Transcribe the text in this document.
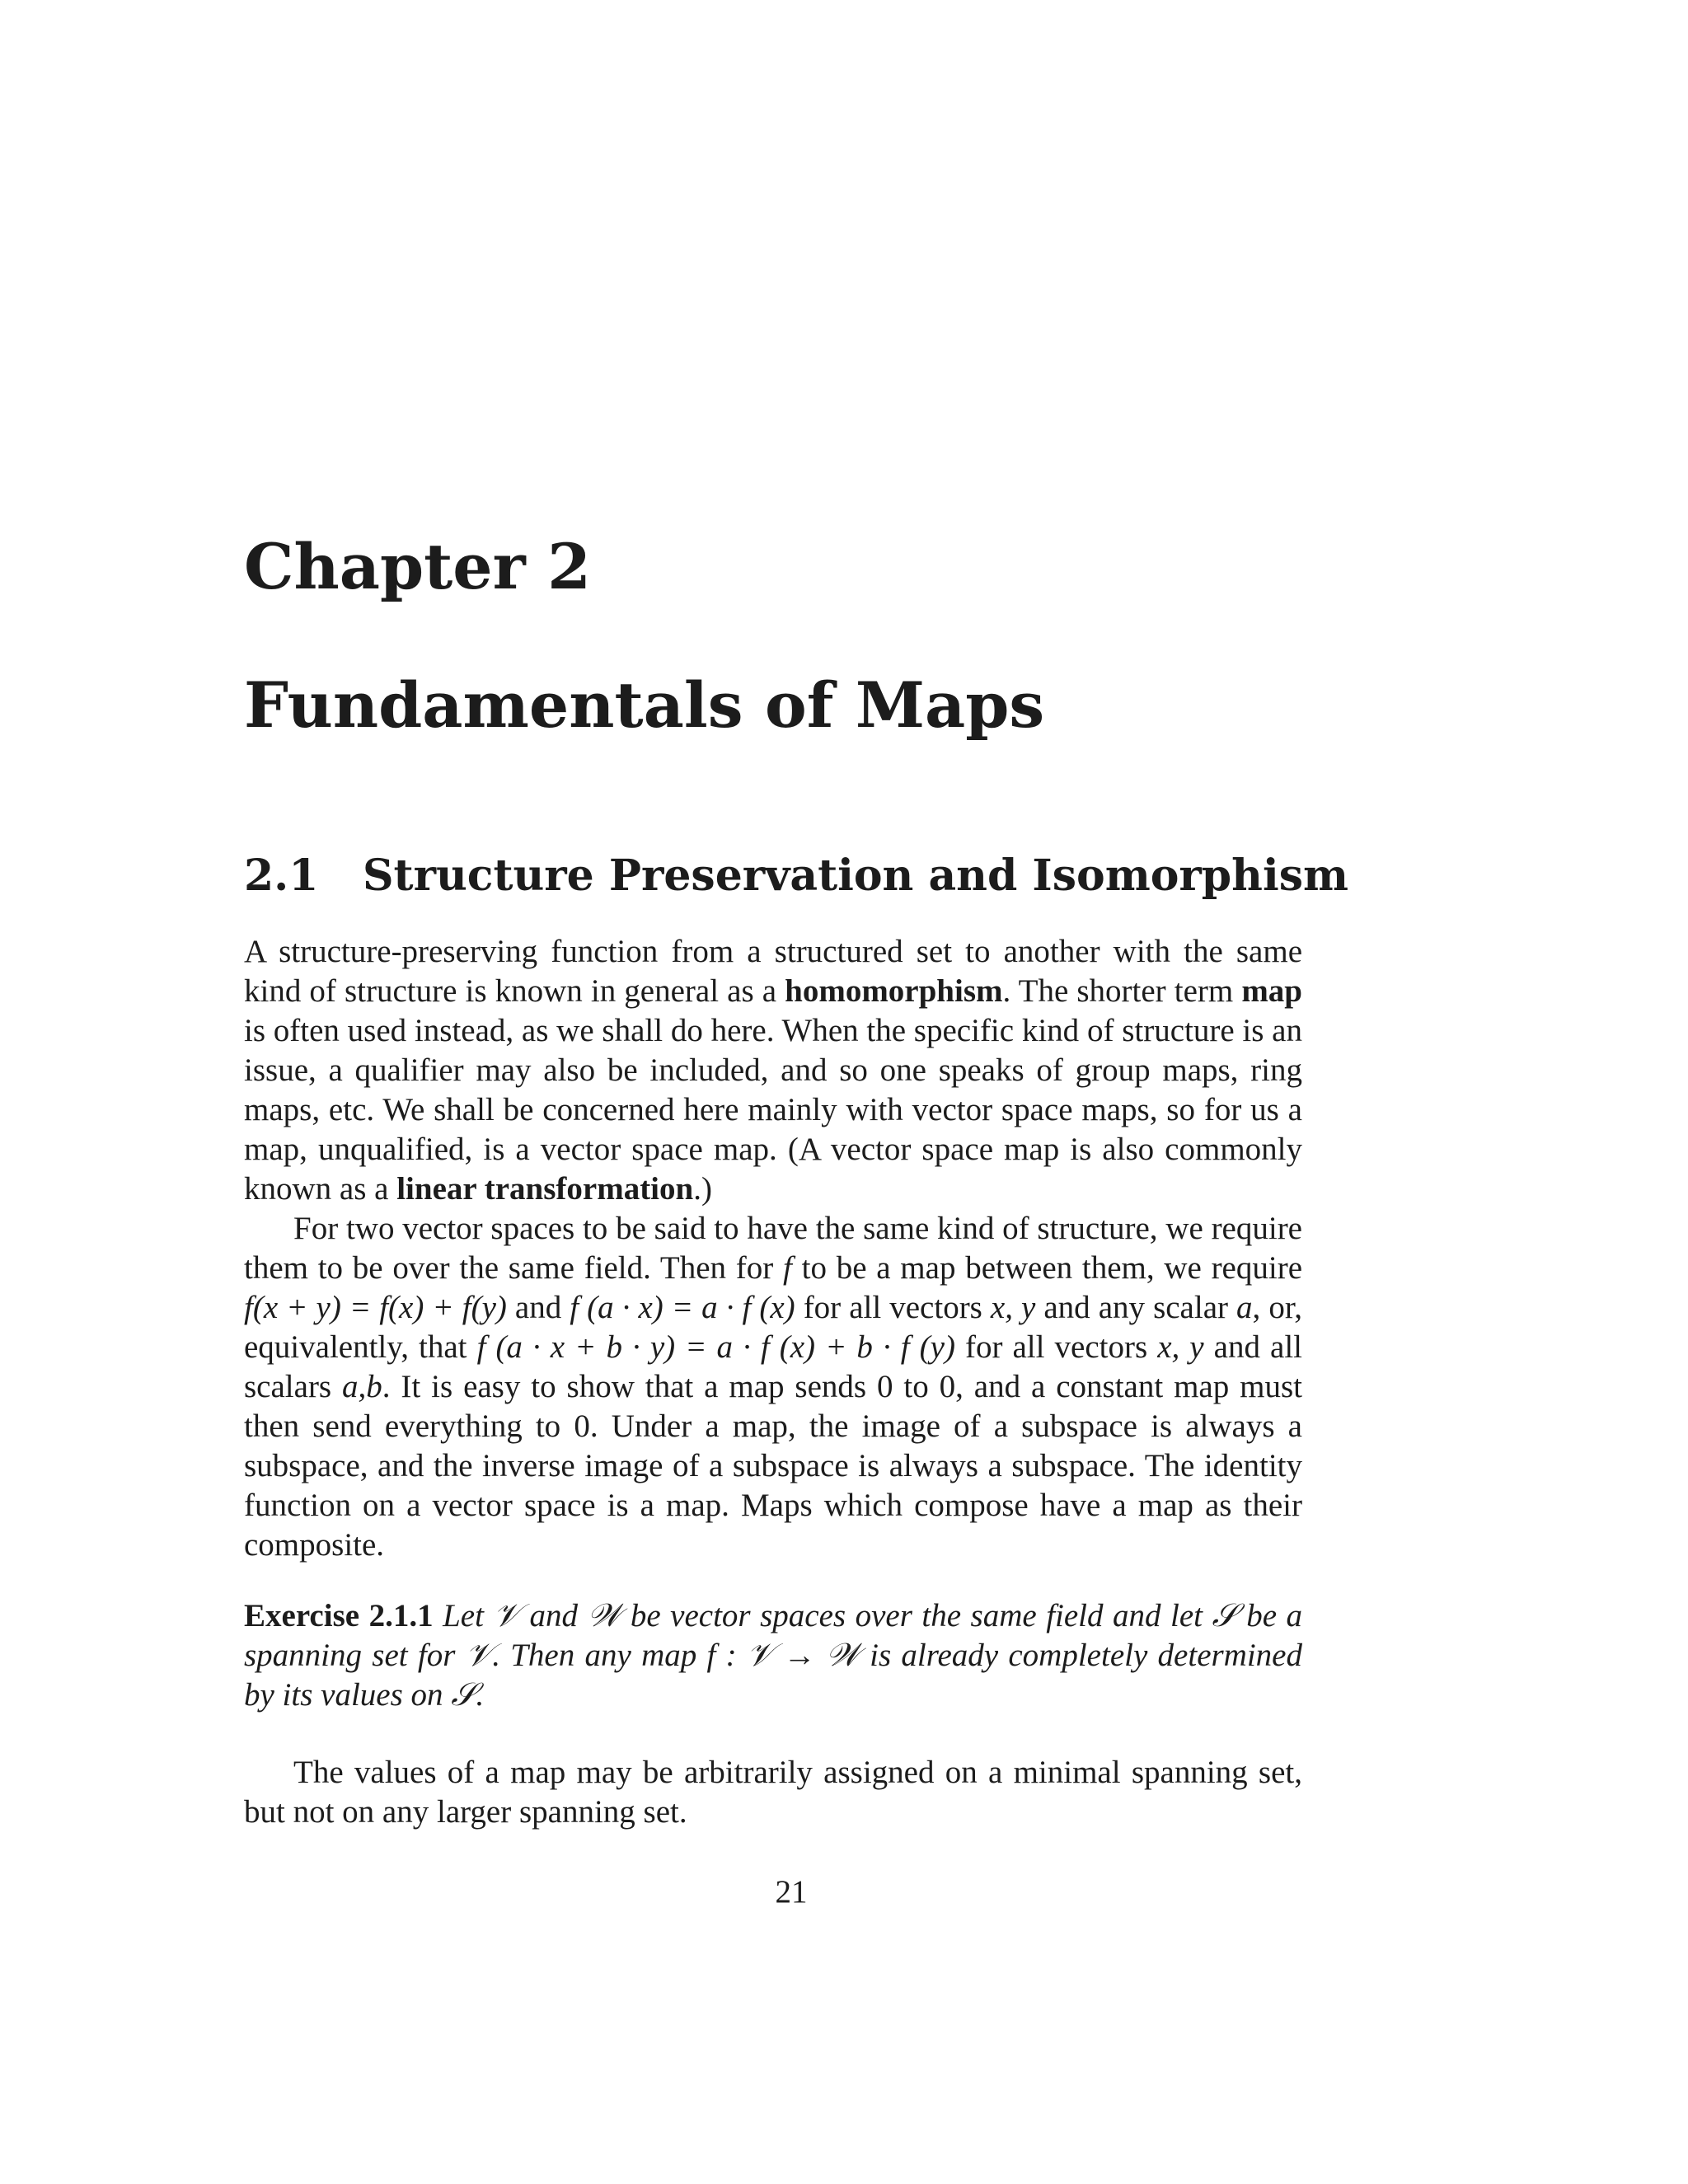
Chapter 2
Fundamentals of Maps
2.1 Structure Preservation and Isomorphism

A structure-preserving function from a structured set to another with the same kind of structure is known in general as a homomorphism. The shorter term map is often used instead, as we shall do here. When the specific kind of structure is an issue, a qualifier may also be included, and so one speaks of group maps, ring maps, etc. We shall be concerned here mainly with vector space maps, so for us a map, unqualified, is a vector space map. (A vector space map is also commonly known as a linear transformation.)

For two vector spaces to be said to have the same kind of structure, we require them to be over the same field. Then for f to be a map between them, we require f(x + y) = f(x) + f(y) and f (a · x) = a · f (x) for all vectors x, y and any scalar a, or, equivalently, that f (a · x + b · y) = a · f (x) + b · f (y) for all vectors x, y and all scalars a,b. It is easy to show that a map sends 0 to 0, and a constant map must then send everything to 0. Under a map, the image of a subspace is always a subspace, and the inverse image of a subspace is always a subspace. The identity function on a vector space is a map. Maps which compose have a map as their composite.

Exercise 2.1.1 Let 𝒱 and 𝒲 be vector spaces over the same field and let 𝒮 be a spanning set for 𝒱. Then any map f : 𝒱 → 𝒲 is already completely determined by its values on 𝒮.

The values of a map may be arbitrarily assigned on a minimal spanning set, but not on any larger spanning set.

21
